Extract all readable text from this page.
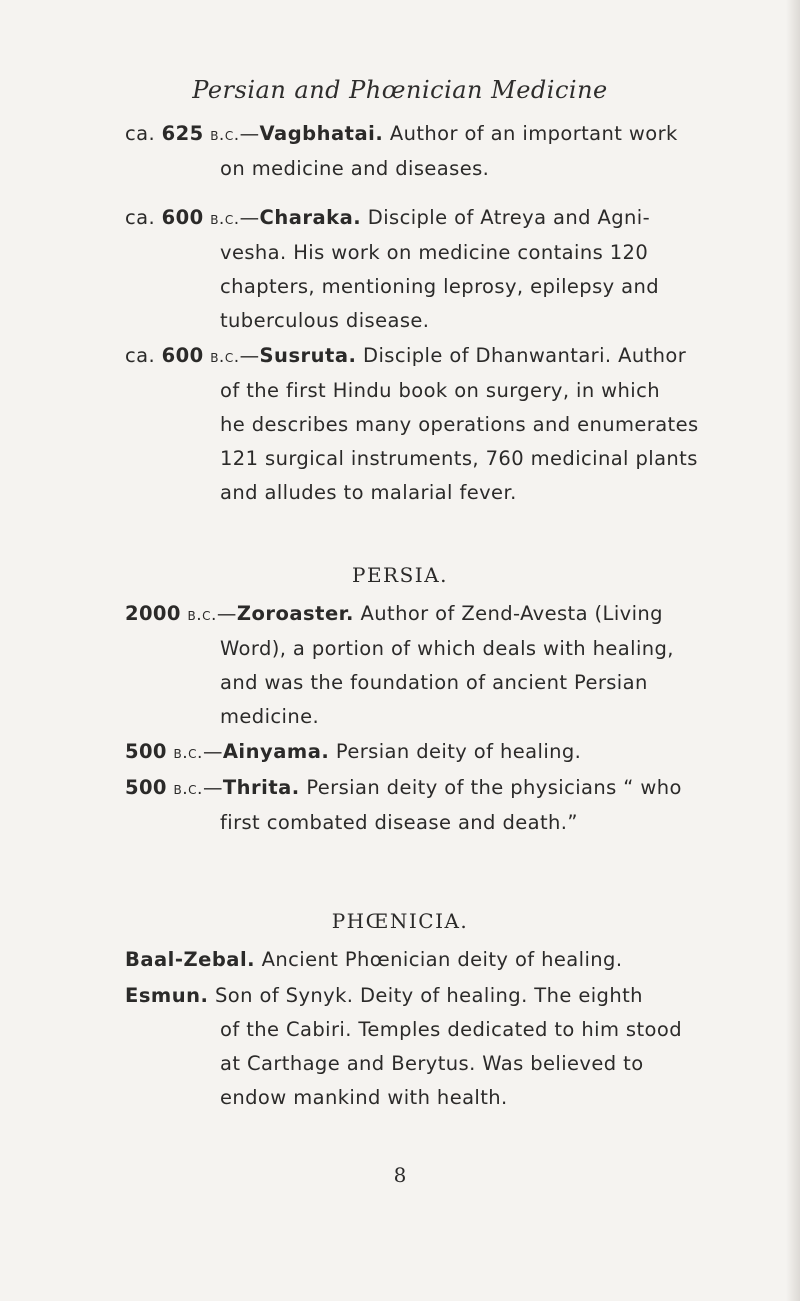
Persian and Phœnician Medicine
ca. 625 b.c.—Vagbhatai. Author of an important work
on medicine and diseases.
ca. 600 b.c.—Charaka. Disciple of Atreya and Agni-
vesha. His work on medicine contains 120
chapters, mentioning leprosy, epilepsy and
tuberculous disease.
ca. 600 b.c.—Susruta. Disciple of Dhanwantari. Author
of the first Hindu book on surgery, in which
he describes many operations and enumerates
121 surgical instruments, 760 medicinal plants
and alludes to malarial fever.
PERSIA.
2000 b.c.—Zoroaster. Author of Zend-Avesta (Living
Word), a portion of which deals with healing,
and was the foundation of ancient Persian
medicine.
500 b.c.—Ainyama. Persian deity of healing.
500 b.c.—Thrita. Persian deity of the physicians “ who
first combated disease and death.”
PHŒNICIA.
Baal-Zebal. Ancient Phœnician deity of healing.
Esmun. Son of Synyk. Deity of healing. The eighth
of the Cabiri. Temples dedicated to him stood
at Carthage and Berytus. Was believed to
endow mankind with health.
8
